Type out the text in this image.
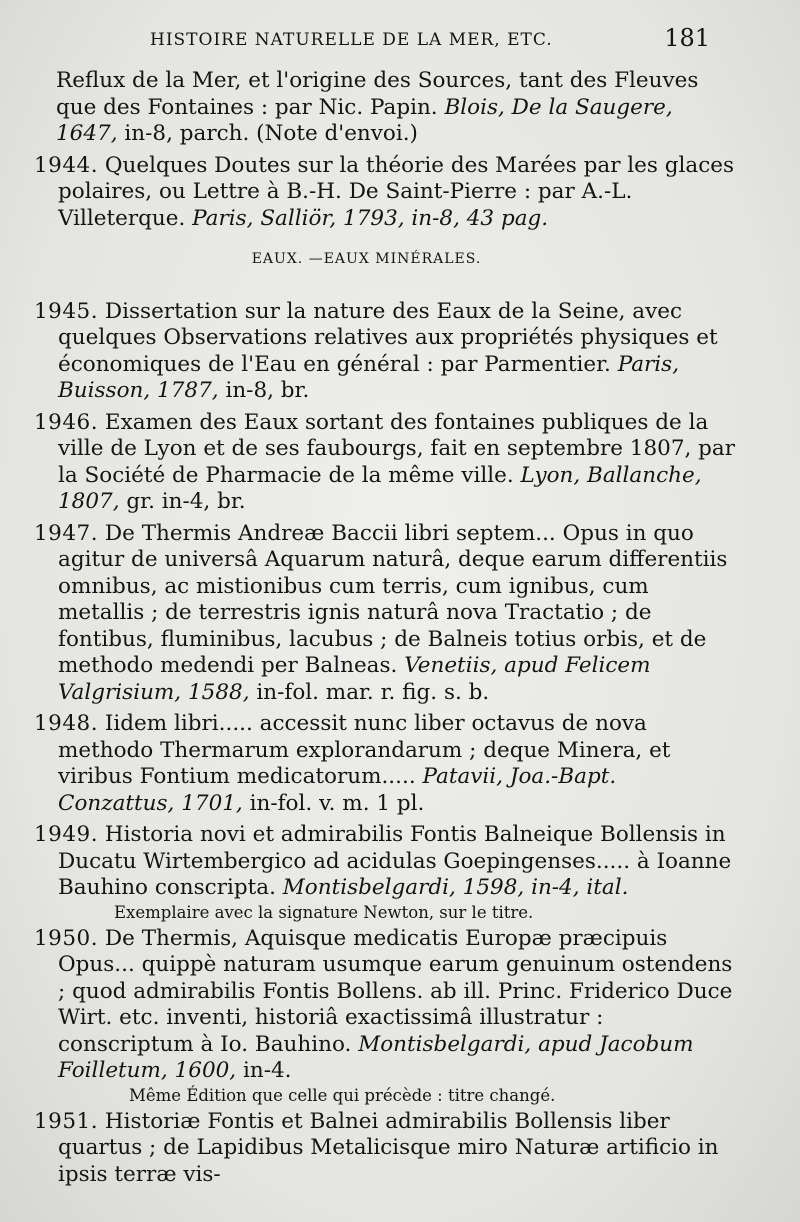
HISTOIRE NATURELLE DE LA MER, ETC.	181

Reflux de la Mer, et l'origine des Sources, tant des Fleuves que des Fontaines : par Nic. Papin. Blois, De la Saugere, 1647, in-8, parch. (Note d'envoi.)

1944. Quelques Doutes sur la théorie des Marées par les glaces polaires, ou Lettre à B.-H. De Saint-Pierre : par A.-L. Villeterque. Paris, Salliör, 1793, in-8, 43 pag.

EAUX. —EAUX MINÉRALES.

1945. Dissertation sur la nature des Eaux de la Seine, avec quelques Observations relatives aux propriétés physiques et économiques de l'Eau en général : par Parmentier. Paris, Buisson, 1787, in-8, br.

1946. Examen des Eaux sortant des fontaines publiques de la ville de Lyon et de ses faubourgs, fait en septembre 1807, par la Société de Pharmacie de la même ville. Lyon, Ballanche, 1807, gr. in-4, br.

1947. De Thermis Andreæ Baccii libri septem... Opus in quo agitur de universâ Aquarum naturâ, deque earum differentiis omnibus, ac mistionibus cum terris, cum ignibus, cum metallis ; de terrestris ignis naturâ nova Tractatio ; de fontibus, fluminibus, lacubus ; de Balneis totius orbis, et de methodo medendi per Balneas. Venetiis, apud Felicem Valgrisium, 1588, in-fol. mar. r. fig. s. b.

1948. Iidem libri..... accessit nunc liber octavus de nova methodo Thermarum explorandarum ; deque Minera, et viribus Fontium medicatorum..... Patavii, Joa.-Bapt. Conzattus, 1701, in-fol. v. m. 1 pl.

1949. Historia novi et admirabilis Fontis Balneique Bollensis in Ducatu Wirtembergico ad acidulas Goepingenses..... à Ioanne Bauhino conscripta. Montisbelgardi, 1598, in-4, ital.

Exemplaire avec la signature Newton, sur le titre.

1950. De Thermis, Aquisque medicatis Europæ præcipuis Opus... quippè naturam usumque earum genuinum ostendens ; quod admirabilis Fontis Bollens. ab ill. Princ. Friderico Duce Wirt. etc. inventi, historiâ exactissimâ illustratur : conscriptum à Io. Bauhino. Montisbelgardi, apud Jacobum Foilletum, 1600, in-4.

Même Édition que celle qui précède : titre changé.

1951. Historiæ Fontis et Balnei admirabilis Bollensis liber quartus ; de Lapidibus Metalicisque miro Naturæ artificio in ipsis terræ vis-
